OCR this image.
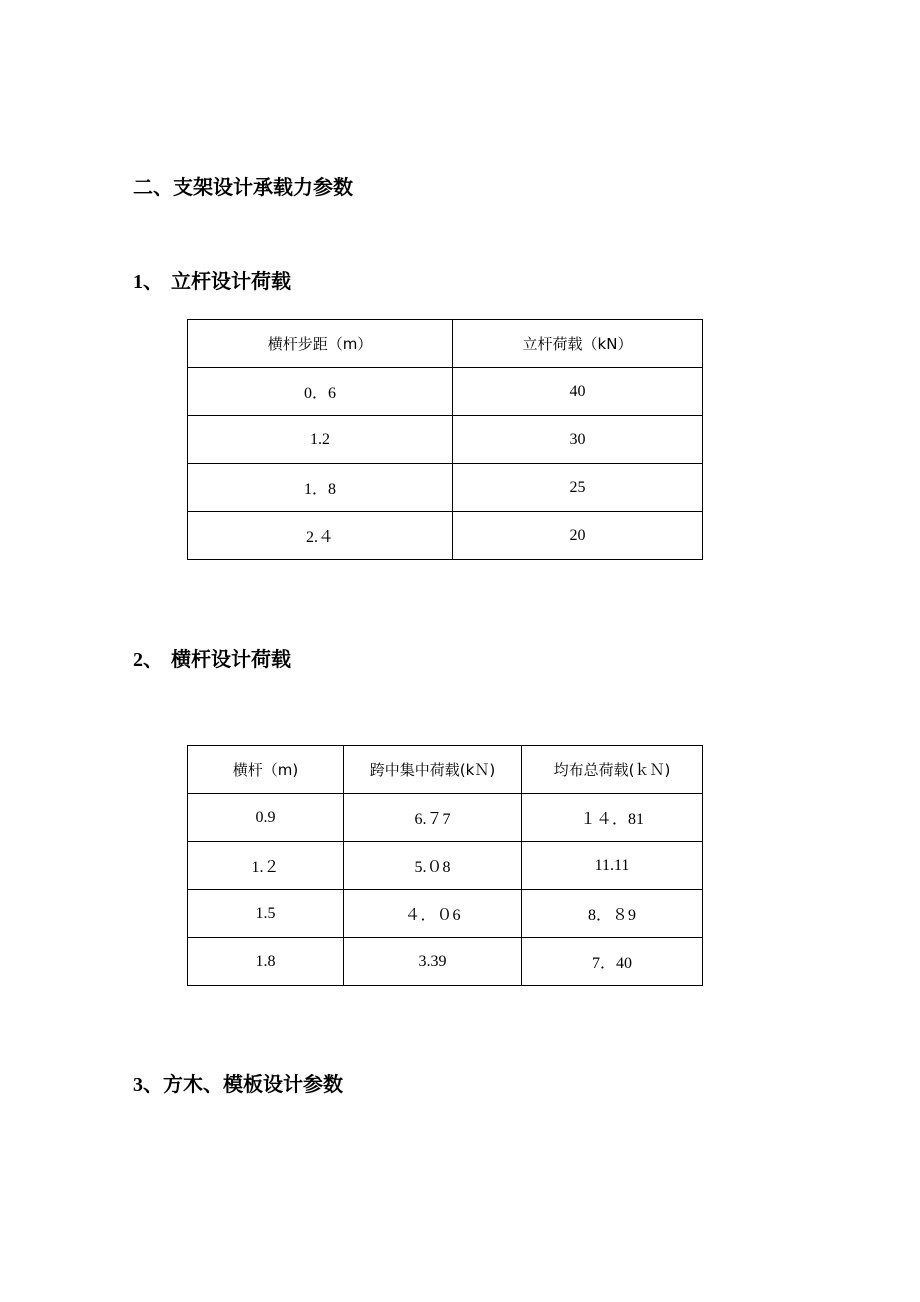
二、支架设计承载力参数
1、 立杆设计荷载
横杆步距（m）	立杆荷载（kN）
0．6	40
1.2	30
1．8	25
2.４	20
2、 横杆设计荷载
横杆（m)	跨中集中荷载(kＮ)	均布总荷载(ｋＮ)
0.9	6.７7	１４．81
1.２	5.０8	11.11
1.5	４．０6	8．８9
1.8	3.39	7．40
3、方木、模板设计参数
